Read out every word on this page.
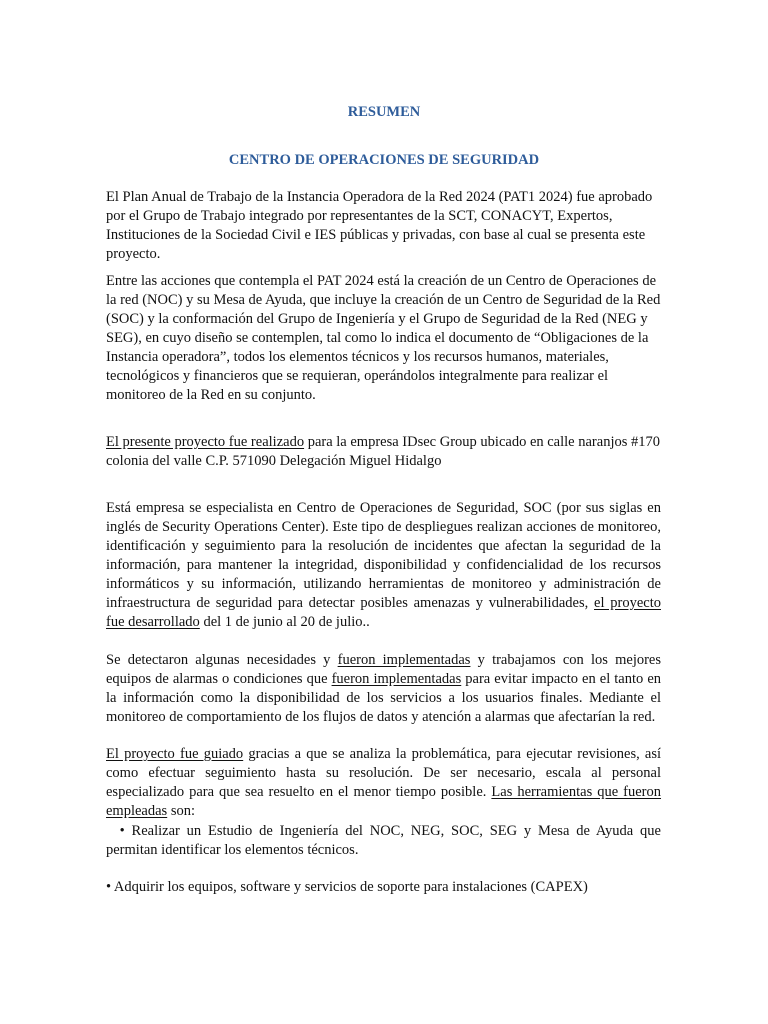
RESUMEN
CENTRO DE OPERACIONES DE SEGURIDAD

El Plan Anual de Trabajo de la Instancia Operadora de la Red 2024 (PAT1 2024) fue aprobado por el Grupo de Trabajo integrado por representantes de la SCT, CONACYT, Expertos, Instituciones de la Sociedad Civil e IES públicas y privadas, con base al cual se presenta este proyecto.

Entre las acciones que contempla el PAT 2024 está la creación de un Centro de Operaciones de la red (NOC) y su Mesa de Ayuda, que incluye la creación de un Centro de Seguridad de la Red (SOC) y la conformación del Grupo de Ingeniería y el Grupo de Seguridad de la Red (NEG y SEG), en cuyo diseño se contemplen, tal como lo indica el documento de “Obligaciones de la Instancia operadora”, todos los elementos técnicos y los recursos humanos, materiales, tecnológicos y financieros que se requieran, operándolos integralmente para realizar el monitoreo de la Red en su conjunto.

El presente proyecto fue realizado para la empresa IDsec Group ubicado en calle naranjos #170 colonia del valle C.P. 571090 Delegación Miguel Hidalgo

Está empresa se especialista en Centro de Operaciones de Seguridad, SOC (por sus siglas en inglés de Security Operations Center). Este tipo de despliegues realizan acciones de monitoreo, identificación y seguimiento para la resolución de incidentes que afectan la seguridad de la información, para mantener la integridad, disponibilidad y confidencialidad de los recursos informáticos y su información, utilizando herramientas de monitoreo y administración de infraestructura de seguridad para detectar posibles amenazas y vulnerabilidades, el proyecto fue desarrollado del 1 de junio al 20 de julio..

Se detectaron algunas necesidades y fueron implementadas y trabajamos con los mejores equipos de alarmas o condiciones que fueron implementadas para evitar impacto en el tanto en la información como la disponibilidad de los servicios a los usuarios finales. Mediante el monitoreo de comportamiento de los flujos de datos y atención a alarmas que afectarían la red.

El proyecto fue guiado gracias a que se analiza la problemática, para ejecutar revisiones, así como efectuar seguimiento hasta su resolución. De ser necesario, escala al personal especializado para que sea resuelto en el menor tiempo posible. Las herramientas que fueron empleadas son:

• Realizar un Estudio de Ingeniería del NOC, NEG, SOC, SEG y Mesa de Ayuda que permitan identificar los elementos técnicos.

• Adquirir los equipos, software y servicios de soporte para instalaciones (CAPEX)
